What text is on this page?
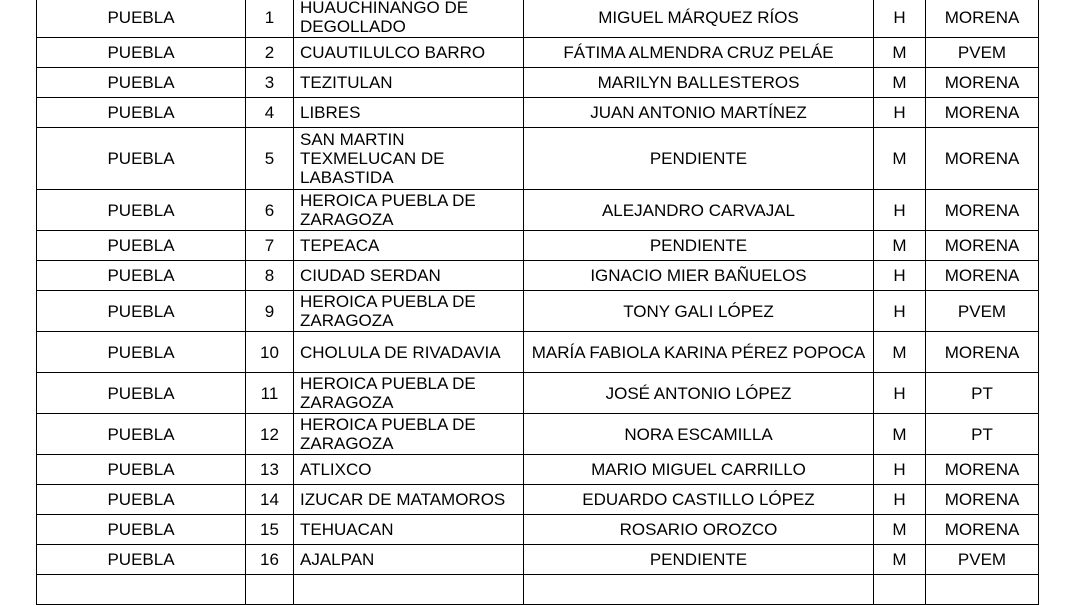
PUEBLA	1	HUAUCHINANGO DE DEGOLLADO	MIGUEL MÁRQUEZ RÍOS	H	MORENA
PUEBLA	2	CUAUTILULCO BARRO	FÁTIMA ALMENDRA CRUZ PELÁE	M	PVEM
PUEBLA	3	TEZITULAN	MARILYN BALLESTEROS	M	MORENA
PUEBLA	4	LIBRES	JUAN ANTONIO MARTÍNEZ	H	MORENA
PUEBLA	5	SAN MARTIN TEXMELUCAN DE LABASTIDA	PENDIENTE	M	MORENA
PUEBLA	6	HEROICA PUEBLA DE ZARAGOZA	ALEJANDRO CARVAJAL	H	MORENA
PUEBLA	7	TEPEACA	PENDIENTE	M	MORENA
PUEBLA	8	CIUDAD SERDAN	IGNACIO MIER BAÑUELOS	H	MORENA
PUEBLA	9	HEROICA PUEBLA DE ZARAGOZA	TONY GALI LÓPEZ	H	PVEM
PUEBLA	10	CHOLULA DE RIVADAVIA	MARÍA FABIOLA KARINA PÉREZ POPOCA	M	MORENA
PUEBLA	11	HEROICA PUEBLA DE ZARAGOZA	JOSÉ ANTONIO LÓPEZ	H	PT
PUEBLA	12	HEROICA PUEBLA DE ZARAGOZA	NORA ESCAMILLA	M	PT
PUEBLA	13	ATLIXCO	MARIO MIGUEL CARRILLO	H	MORENA
PUEBLA	14	IZUCAR DE MATAMOROS	EDUARDO CASTILLO LÓPEZ	H	MORENA
PUEBLA	15	TEHUACAN	ROSARIO OROZCO	M	MORENA
PUEBLA	16	AJALPAN	PENDIENTE	M	PVEM
